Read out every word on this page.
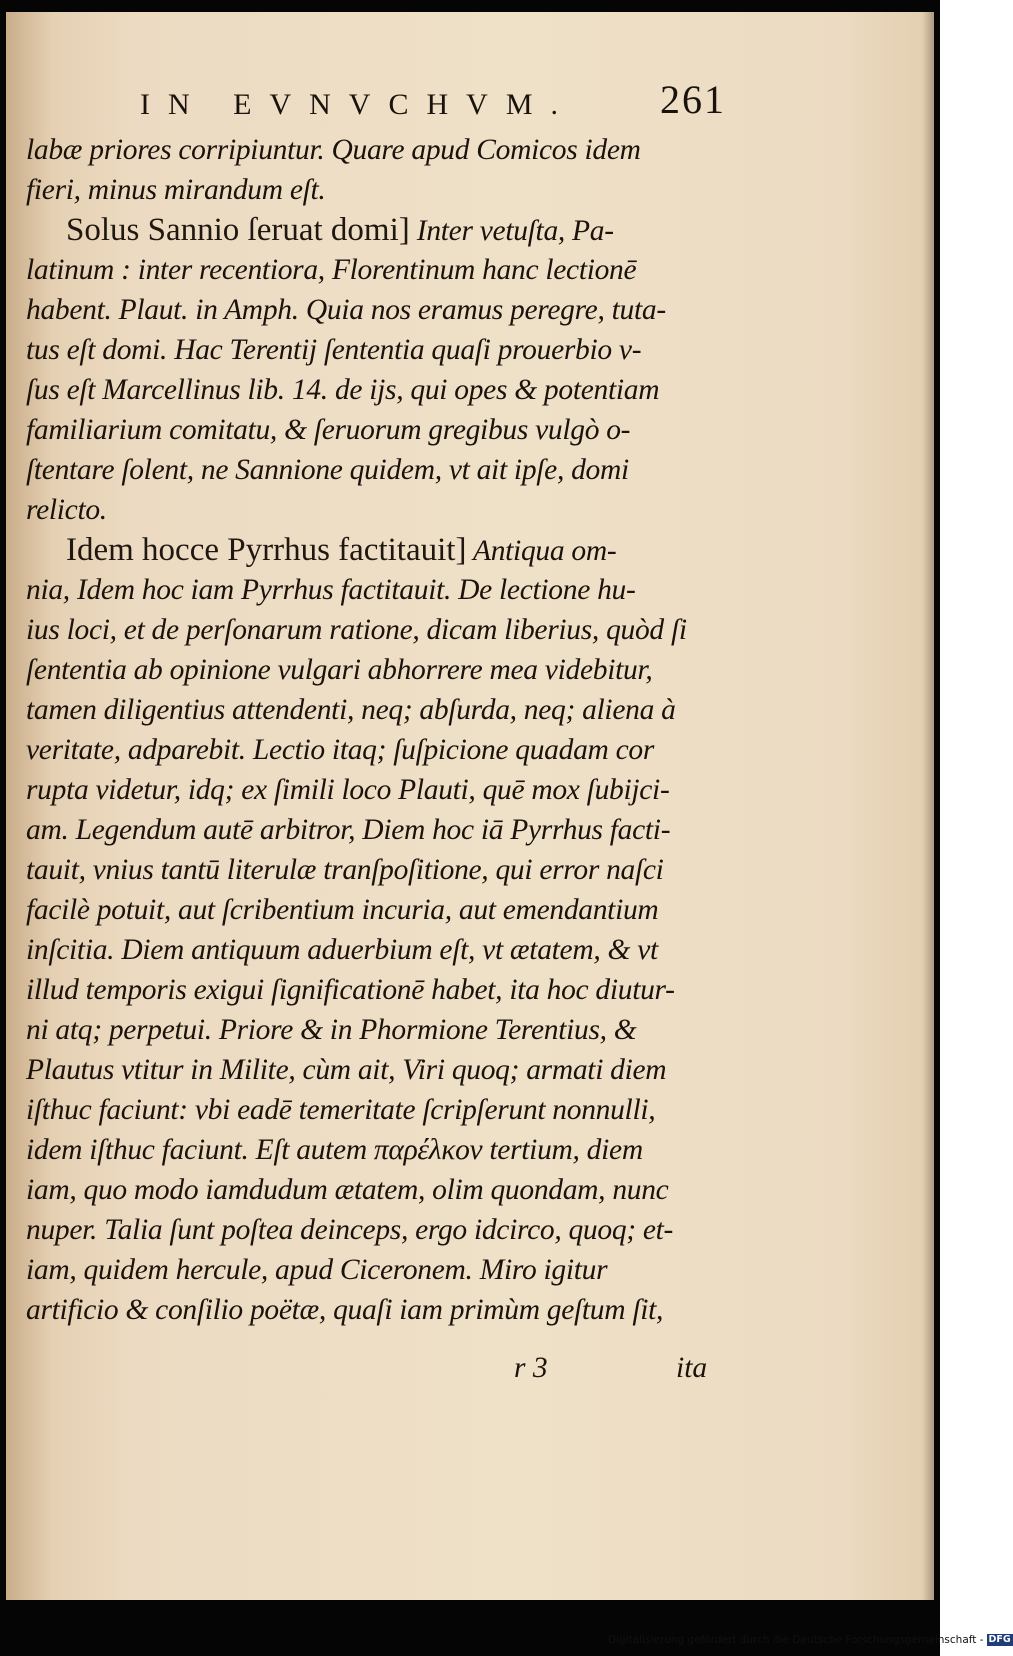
IN EVNVCHVM. 261
labæ priores corripiuntur. Quare apud Comicos idem
fieri, minus mirandum eſt.
Solus Sannio ſeruat domi] Inter vetuſta, Pa-
latinum : inter recentiora, Florentinum hanc lectionē
habent. Plaut. in Amph. Quia nos eramus peregre, tuta-
tus eſt domi. Hac Terentij ſententia quaſi prouerbio v-
ſus eſt Marcellinus lib. 14. de ijs, qui opes & potentiam
familiarium comitatu, & ſeruorum gregibus vulgò o-
ſtentare ſolent, ne Sannione quidem, vt ait ipſe, domi
relicto.
Idem hocce Pyrrhus factitauit] Antiqua om-
nia, Idem hoc iam Pyrrhus factitauit. De lectione hu-
ius loci, et de perſonarum ratione, dicam liberius, quòd ſi
ſententia ab opinione vulgari abhorrere mea videbitur,
tamen diligentius attendenti, neq; abſurda, neq; aliena à
veritate, adparebit. Lectio itaq; ſuſpicione quadam cor
rupta videtur, idq; ex ſimili loco Plauti, quē mox ſubijci-
am. Legendum autē arbitror, Diem hoc iā Pyrrhus facti-
tauit, vnius tantū literulæ tranſpoſitione, qui error naſci
facilè potuit, aut ſcribentium incuria, aut emendantium
inſcitia. Diem antiquum aduerbium eſt, vt ætatem, & vt
illud temporis exigui ſignificationē habet, ita hoc diutur-
ni atq; perpetui. Priore & in Phormione Terentius, &
Plautus vtitur in Milite, cùm ait, Viri quoq; armati diem
iſthuc faciunt: vbi eadē temeritate ſcripſerunt nonnulli,
idem iſthuc faciunt. Eſt autem παρέλκον tertium, diem
iam, quo modo iamdudum ætatem, olim quondam, nunc
nuper. Talia ſunt poſtea deinceps, ergo idcirco, quoq; et-
iam, quidem hercule, apud Ciceronem. Miro igitur
artificio & conſilio poëtæ, quaſi iam primùm geſtum ſit,
r 3	ita
Digitalisierung gefördert durch die Deutsche Forschungsgemeinschaft - DFG
